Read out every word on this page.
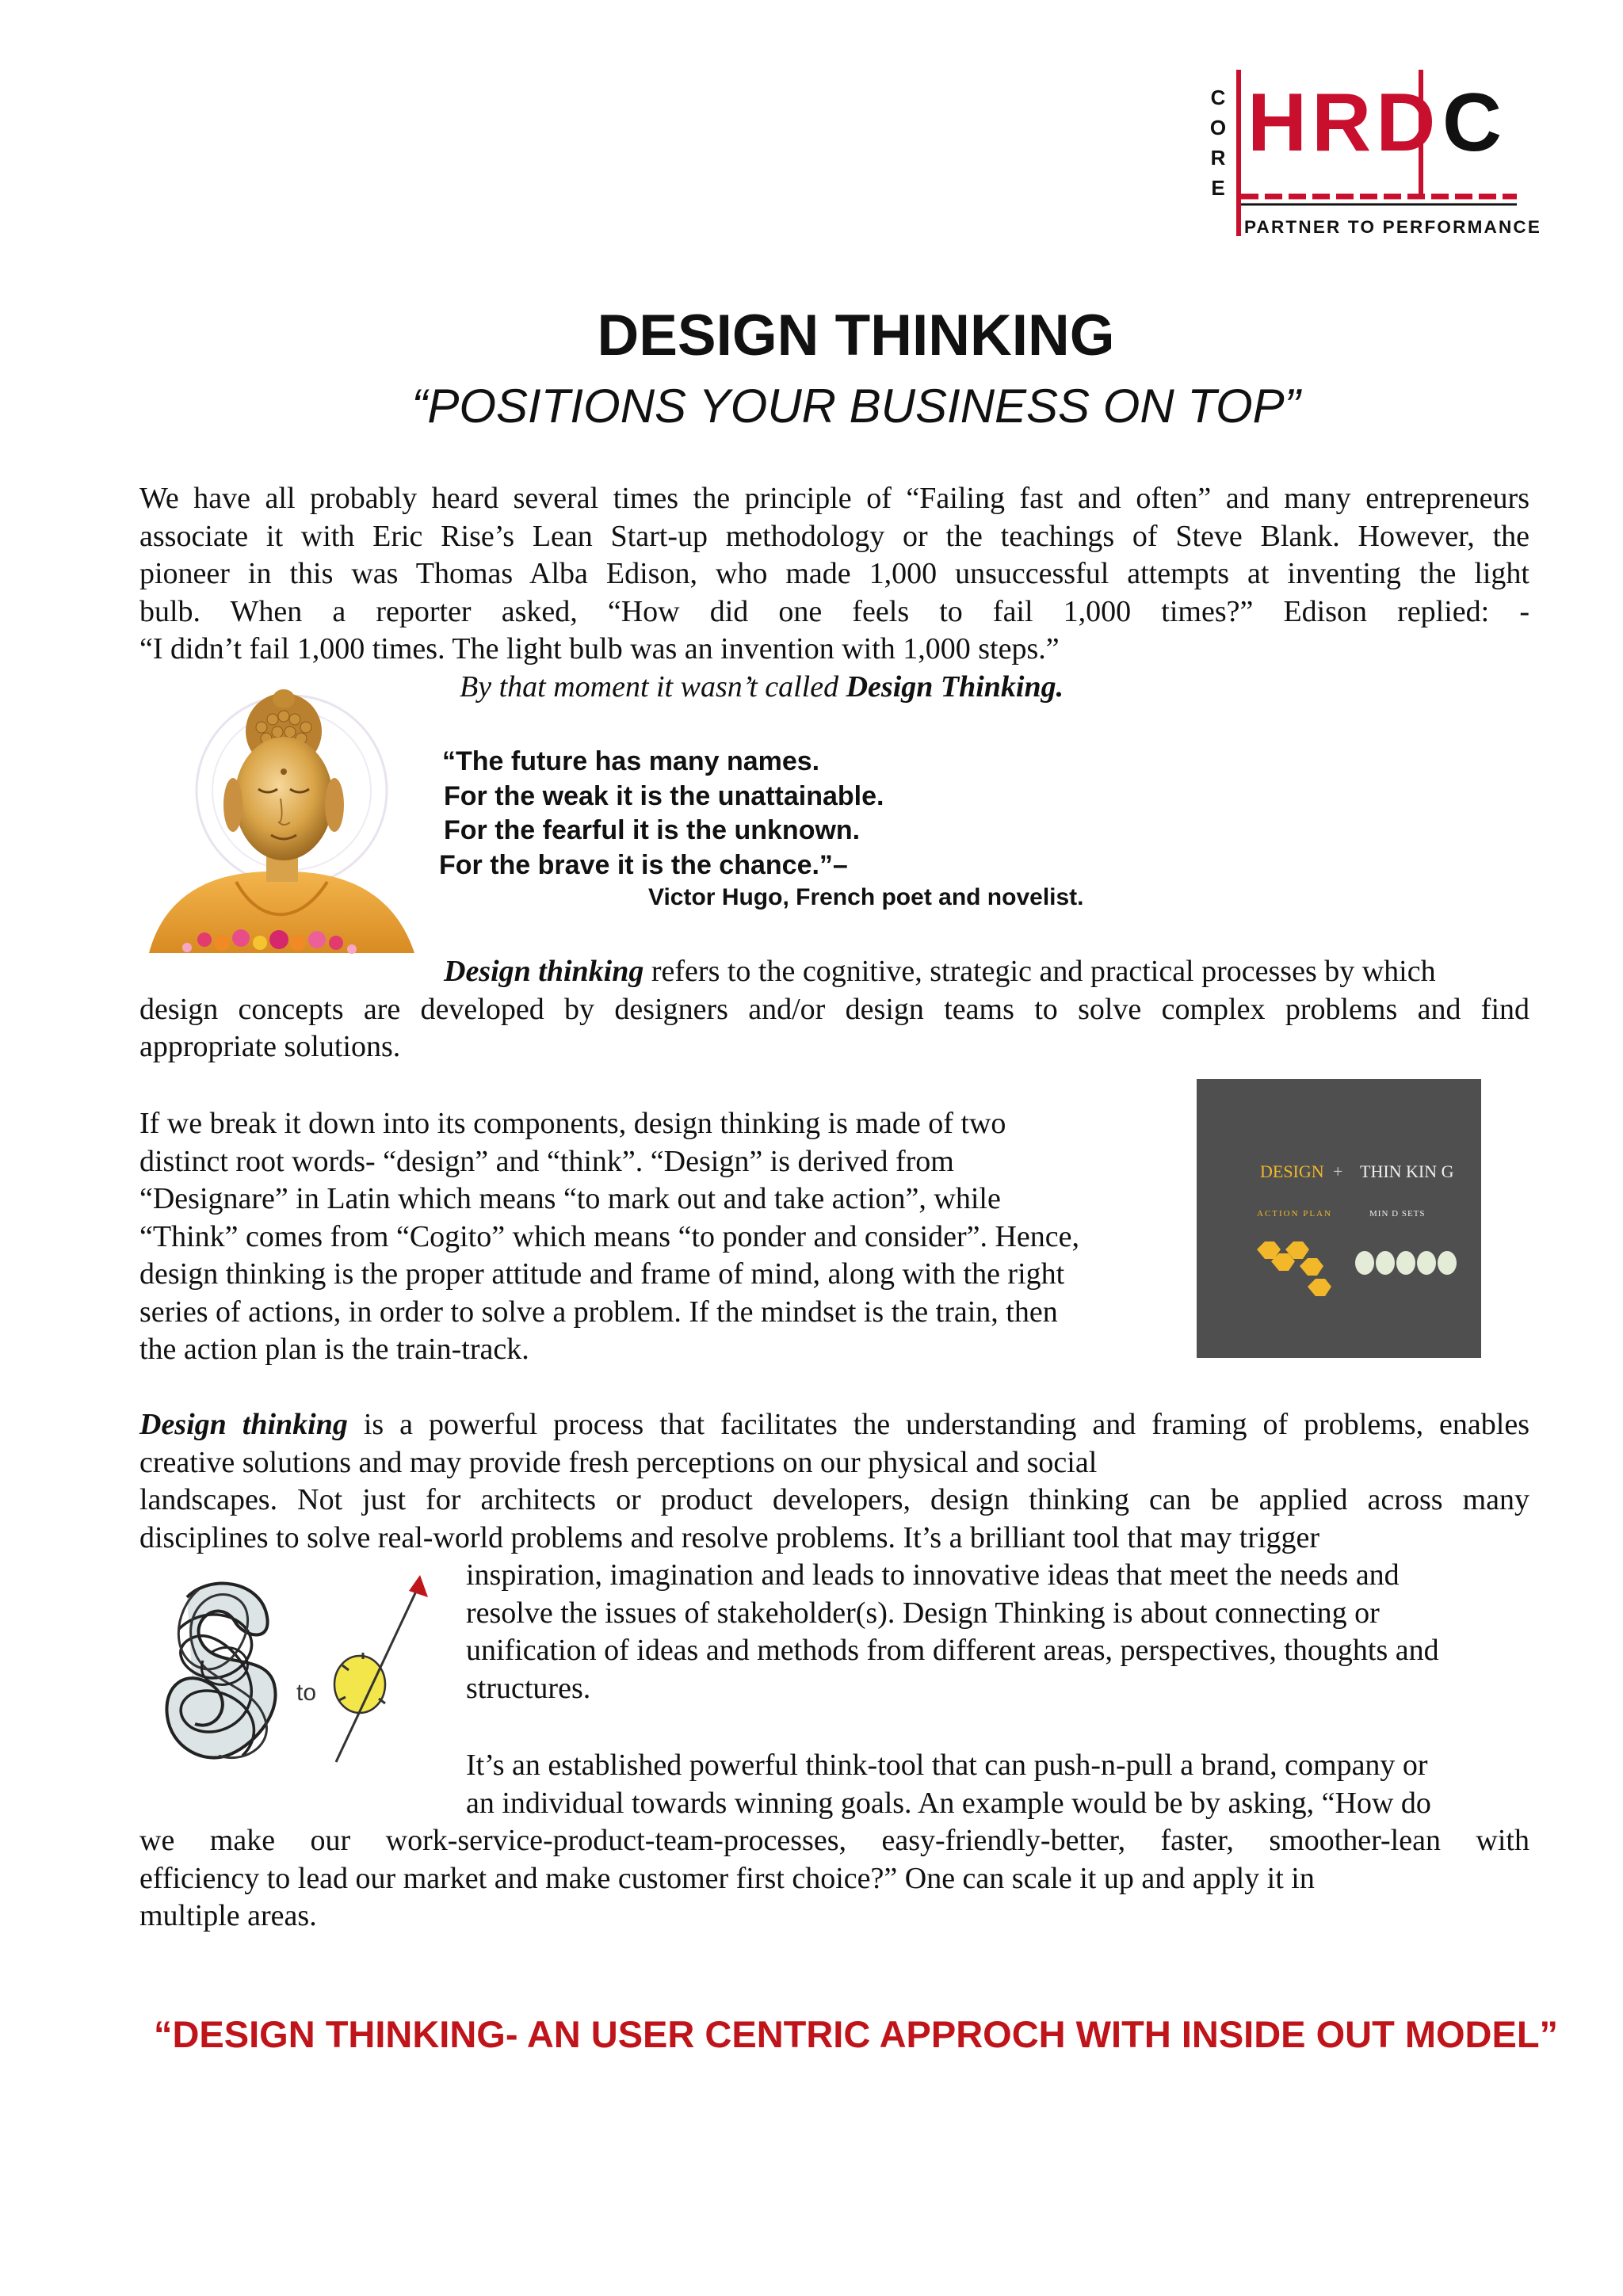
C
O
R
E
HRD C
PARTNER TO PERFORMANCE
DESIGN THINKING
“POSITIONS YOUR BUSINESS ON TOP”
We have all probably heard several times the principle of “Failing fast and often” and many entrepreneurs
associate it with Eric Rise’s Lean Start-up methodology or the teachings of Steve Blank. However, the
pioneer in this was Thomas Alba Edison, who made 1,000 unsuccessful attempts at inventing the light
bulb. When a reporter asked, “How did one feels to fail 1,000 times?” Edison replied: -
“I didn’t fail 1,000 times. The light bulb was an invention with 1,000 steps.”
By that moment it wasn’t called Design Thinking.
“The future has many names.
For the weak it is the unattainable.
For the fearful it is the unknown.
For the brave it is the chance.”–
Victor Hugo, French poet and novelist.
Design thinking refers to the cognitive, strategic and practical processes by which
design concepts are developed by designers and/or design teams to solve complex problems and find
appropriate solutions.
If we break it down into its components, design thinking is made of two
distinct root words- “design” and “think”. “Design” is derived from
“Designare” in Latin which means “to mark out and take action”, while
“Think” comes from “Cogito” which means “to ponder and consider”. Hence,
design thinking is the proper attitude and frame of mind, along with the right
series of actions, in order to solve a problem. If the mindset is the train, then
the action plan is the train-track.
DESIGN + THIN KIN G
ACTION PLAN	MIN D SETS
Design thinking is a powerful process that facilitates the understanding and framing of problems, enables
creative solutions and may provide fresh perceptions on our physical and social
landscapes. Not just for architects or product developers, design thinking can be applied across many
disciplines to solve real-world problems and resolve problems. It’s a brilliant tool that may trigger
inspiration, imagination and leads to innovative ideas that meet the needs and
resolve the issues of stakeholder(s). Design Thinking is about connecting or
unification of ideas and methods from different areas, perspectives, thoughts and
structures.
to
It’s an established powerful think-tool that can push-n-pull a brand, company or
an individual towards winning goals. An example would be by asking, “How do
we make our work-service-product-team-processes, easy-friendly-better, faster, smoother-lean with
efficiency to lead our market and make customer first choice?” One can scale it up and apply it in
multiple areas.
“DESIGN THINKING- AN USER CENTRIC APPROCH WITH INSIDE OUT MODEL”
